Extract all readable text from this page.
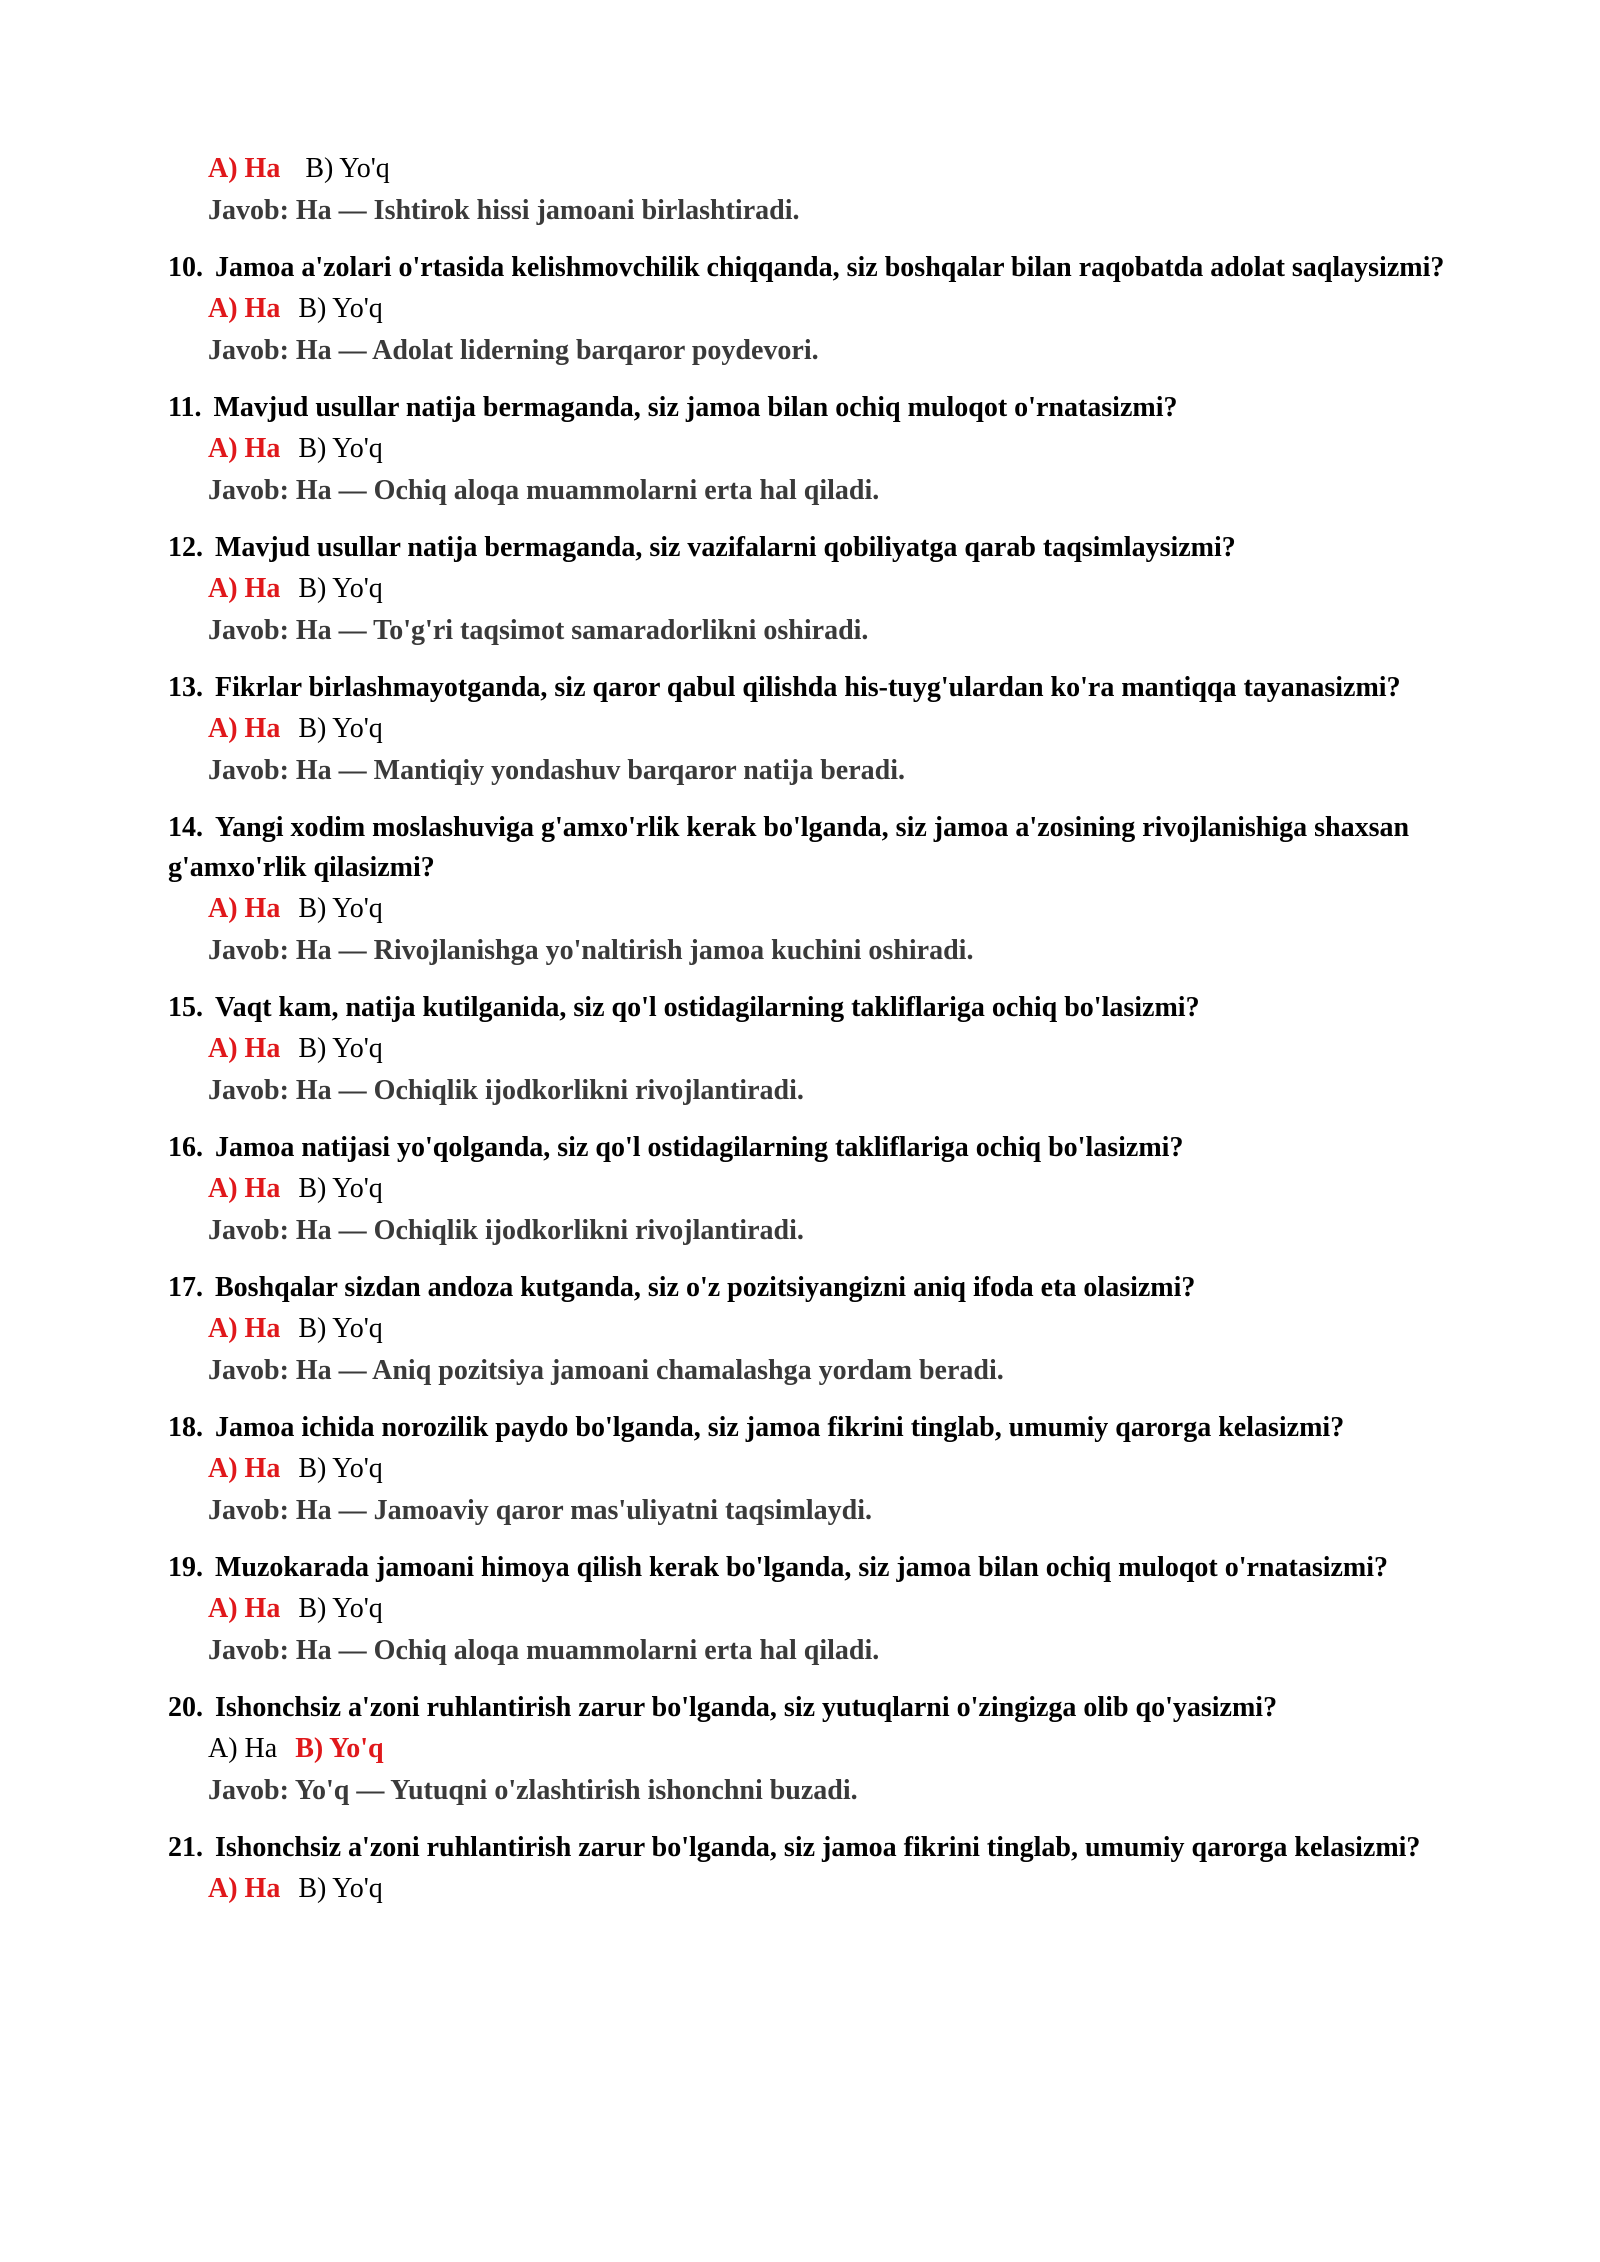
A) Ha B) Yo'q
Javob: Ha — Ishtirok hissi jamoani birlashtiradi.
10. Jamoa a'zolari o'rtasida kelishmovchilik chiqqanda, siz boshqalar bilan raqobatda adolat saqlaysizmi?
A) Ha B) Yo'q
Javob: Ha — Adolat liderning barqaror poydevori.
11. Mavjud usullar natija bermaganda, siz jamoa bilan ochiq muloqot o'rnatasizmi?
A) Ha B) Yo'q
Javob: Ha — Ochiq aloqa muammolarni erta hal qiladi.
12. Mavjud usullar natija bermaganda, siz vazifalarni qobiliyatga qarab taqsimlaysizmi?
A) Ha B) Yo'q
Javob: Ha — To'g'ri taqsimot samaradorlikni oshiradi.
13. Fikrlar birlashmayotganda, siz qaror qabul qilishda his-tuyg'ulardan ko'ra mantiqqa tayanasizmi?
A) Ha B) Yo'q
Javob: Ha — Mantiqiy yondashuv barqaror natija beradi.
14. Yangi xodim moslashuviga g'amxo'rlik kerak bo'lganda, siz jamoa a'zosining rivojlanishiga shaxsan g'amxo'rlik qilasizmi?
A) Ha B) Yo'q
Javob: Ha — Rivojlanishga yo'naltirish jamoa kuchini oshiradi.
15. Vaqt kam, natija kutilganida, siz qo'l ostidagilarning takliflariga ochiq bo'lasizmi?
A) Ha B) Yo'q
Javob: Ha — Ochiqlik ijodkorlikni rivojlantiradi.
16. Jamoa natijasi yo'qolganda, siz qo'l ostidagilarning takliflariga ochiq bo'lasizmi?
A) Ha B) Yo'q
Javob: Ha — Ochiqlik ijodkorlikni rivojlantiradi.
17. Boshqalar sizdan andoza kutganda, siz o'z pozitsiyangizni aniq ifoda eta olasizmi?
A) Ha B) Yo'q
Javob: Ha — Aniq pozitsiya jamoani chamalashga yordam beradi.
18. Jamoa ichida norozilik paydo bo'lganda, siz jamoa fikrini tinglab, umumiy qarorga kelasizmi?
A) Ha B) Yo'q
Javob: Ha — Jamoaviy qaror mas'uliyatni taqsimlaydi.
19. Muzokarada jamoani himoya qilish kerak bo'lganda, siz jamoa bilan ochiq muloqot o'rnatasizmi?
A) Ha B) Yo'q
Javob: Ha — Ochiq aloqa muammolarni erta hal qiladi.
20. Ishonchsiz a'zoni ruhlantirish zarur bo'lganda, siz yutuqlarni o'zingizga olib qo'yasizmi?
A) Ha B) Yo'q
Javob: Yo'q — Yutuqni o'zlashtirish ishonchni buzadi.
21. Ishonchsiz a'zoni ruhlantirish zarur bo'lganda, siz jamoa fikrini tinglab, umumiy qarorga kelasizmi?
A) Ha B) Yo'q
